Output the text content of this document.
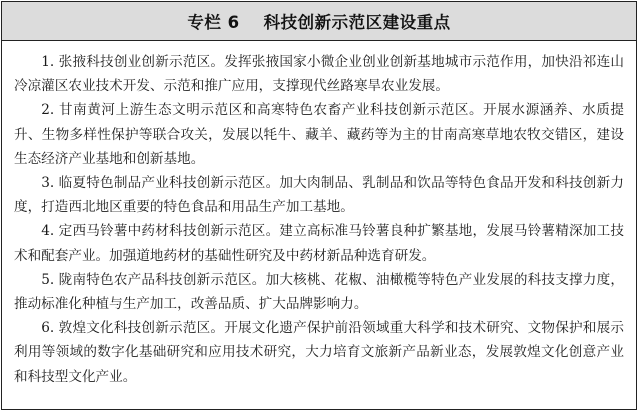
专栏 6 科技创新示范区建设重点

1. 张掖科技创业创新示范区。发挥张掖国家小微企业创业创新基地城市示范作用，加快沿祁连山冷凉灌区农业技术开发、示范和推广应用，支撑现代丝路寒旱农业发展。

2. 甘南黄河上游生态文明示范区和高寒特色农畜产业科技创新示范区。开展水源涵养、水质提升、生物多样性保护等联合攻关，发展以牦牛、藏羊、藏药等为主的甘南高寒草地农牧交错区，建设生态经济产业基地和创新基地。

3. 临夏特色制品产业科技创新示范区。加大肉制品、乳制品和饮品等特色食品开发和科技创新力度，打造西北地区重要的特色食品和用品生产加工基地。

4. 定西马铃薯中药材科技创新示范区。建立高标准马铃薯良种扩繁基地，发展马铃薯精深加工技术和配套产业。加强道地药材的基础性研究及中药材新品种选育研发。

5. 陇南特色农产品科技创新示范区。加大核桃、花椒、油橄榄等特色产业发展的科技支撑力度，推动标准化种植与生产加工，改善品质、扩大品牌影响力。

6. 敦煌文化科技创新示范区。开展文化遗产保护前沿领域重大科学和技术研究、文物保护和展示利用等领域的数字化基础研究和应用技术研究，大力培育文旅新产品新业态，发展敦煌文化创意产业和科技型文化产业。
